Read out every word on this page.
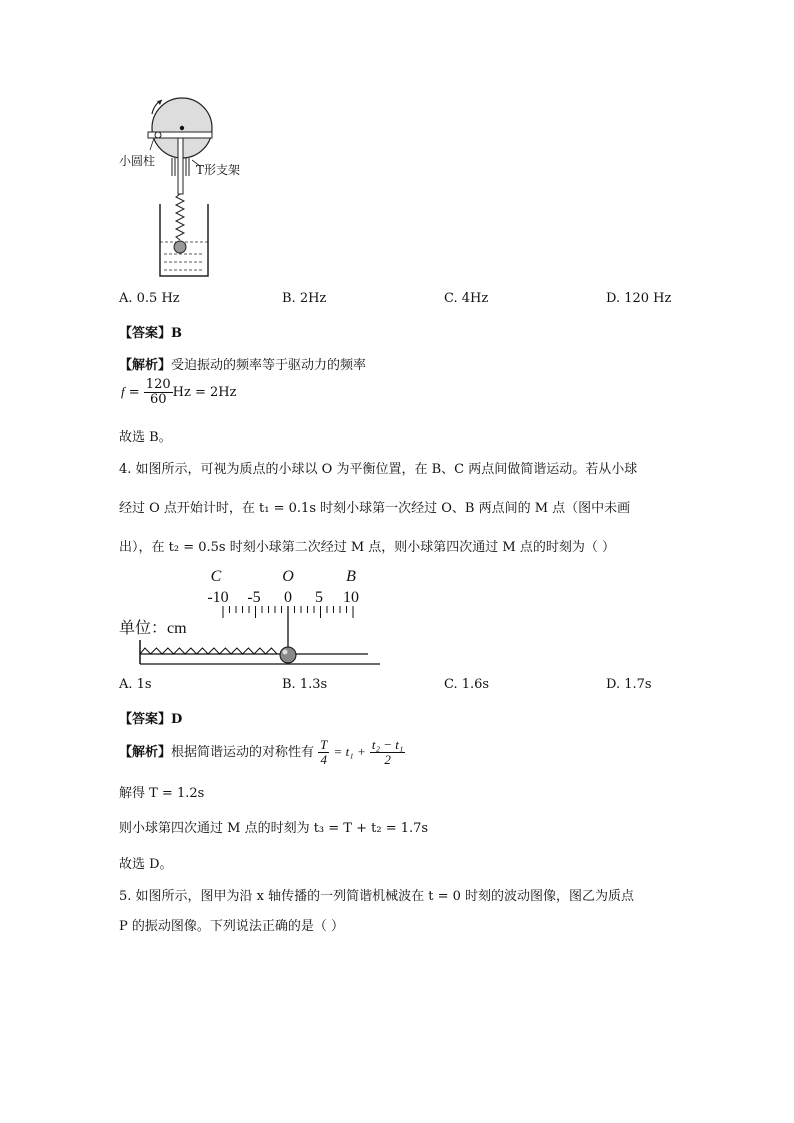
小圆柱
T形支架
A. 0.5 Hz	B. 2Hz	C. 4Hz	D. 120 Hz
【答案】B
【解析】受迫振动的频率等于驱动力的频率
$f = \frac{120}{60}$ Hz = 2Hz
故选 B。
4. 如图所示，可视为质点的小球以 O 为平衡位置，在 B、C 两点间做简谐运动。若从小球
经过 O 点开始计时，在 t₁ = 0.1s 时刻小球第一次经过 O、B 两点间的 M 点（图中未画
出），在 t₂ = 0.5s 时刻小球第二次经过 M 点，则小球第四次通过 M 点的时刻为（ ）
C	O	B
-10 -5 0 5 10
单位：cm
A. 1s	B. 1.3s	C. 1.6s	D. 1.7s
【答案】D
【解析】根据简谐运动的对称性有 $\frac{T}{4} = t_1 + \frac{\text{t₂ − t₁}}{2}$
解得 T = 1.2s
则小球第四次通过 M 点的时刻为 t₃ = T + t₂ = 1.7s
故选 D。
5. 如图所示，图甲为沿 x 轴传播的一列简谐机械波在 t = 0 时刻的波动图像，图乙为质点
P 的振动图像。下列说法正确的是（ ）
